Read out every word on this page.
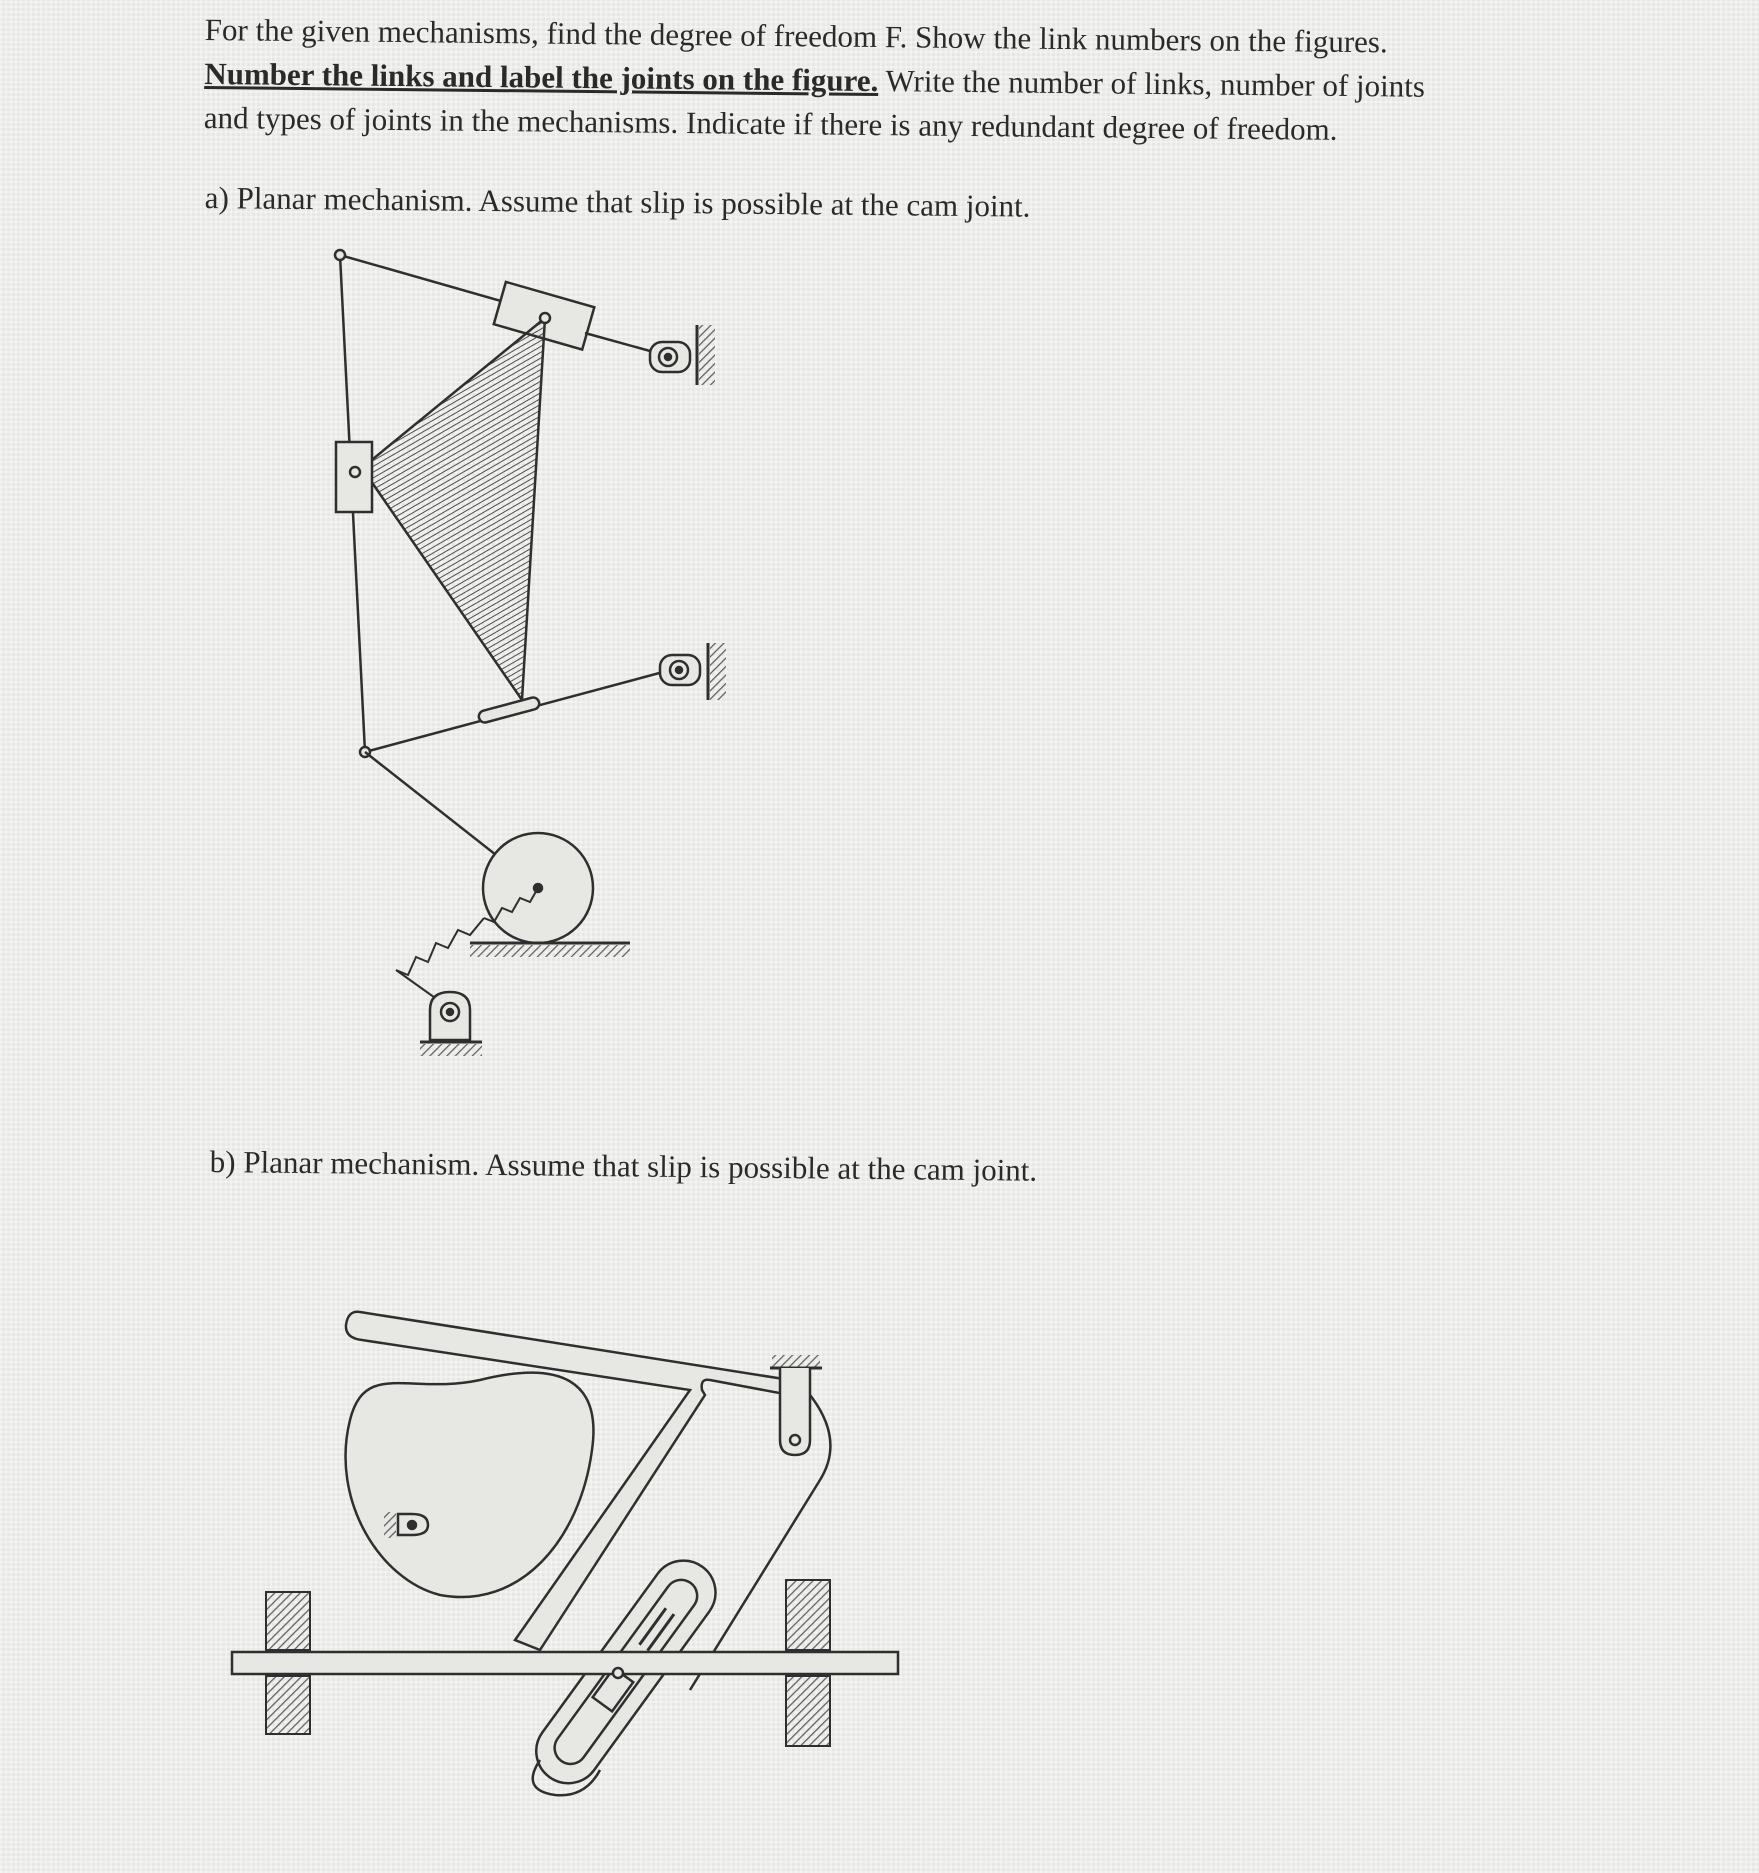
For the given mechanisms, find the degree of freedom F. Show the link numbers on the figures.
Number the links and label the joints on the figure. Write the number of links, number of joints
and types of joints in the mechanisms. Indicate if there is any redundant degree of freedom.

a) Planar mechanism. Assume that slip is possible at the cam joint.

b) Planar mechanism. Assume that slip is possible at the cam joint.
